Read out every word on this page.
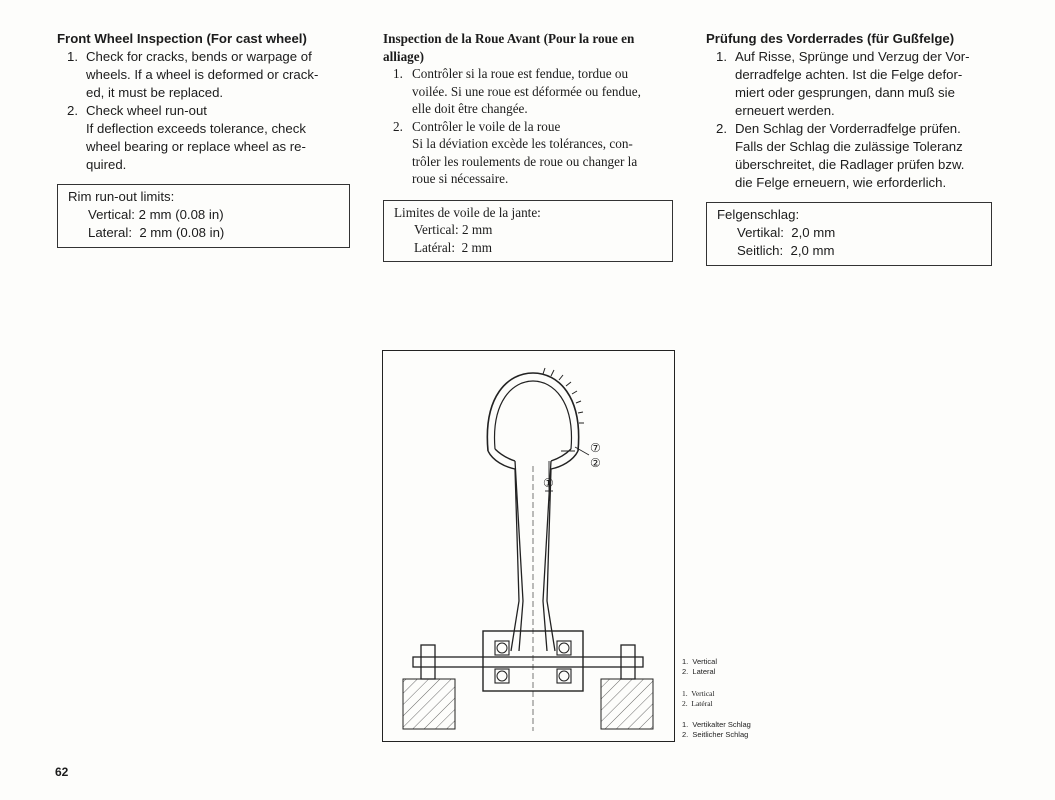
Front Wheel Inspection (For cast wheel)
1. Check for cracks, bends or warpage of
wheels. If a wheel is deformed or crack-
ed, it must be replaced.
2. Check wheel run-out
If deflection exceeds tolerance, check
wheel bearing or replace wheel as re-
quired.
Rim run-out limits:
Vertical: 2 mm (0.08 in)
Lateral:  2 mm (0.08 in)
Inspection de la Roue Avant (Pour la roue en
alliage)
1. Contrôler si la roue est fendue, tordue ou
voilée. Si une roue est déformée ou fendue,
elle doit être changée.
2. Contrôler le voile de la roue
Si la déviation excède les tolérances, con-
trôler les roulements de roue ou changer la
roue si nécessaire.
Limites de voile de la jante:
Vertical: 2 mm
Latéral:  2 mm
Prüfung des Vorderrades (für Gußfelge)
1. Auf Risse, Sprünge und Verzug der Vor-
derradfelge achten. Ist die Felge defor-
miert oder gesprungen, dann muß sie
erneuert werden.
2. Den Schlag der Vorderradfelge prüfen.
Falls der Schlag die zulässige Toleranz
überschreitet, die Radlager prüfen bzw.
die Felge erneuern, wie erforderlich.
Felgenschlag:
Vertikal:  2,0 mm
Seitlich:  2,0 mm
⑦
②
①
1.  Vertical
2.  Lateral
1.  Vertical
2.  Latéral
1.  Vertikalter Schlag
2.  Seitlicher Schlag
62
